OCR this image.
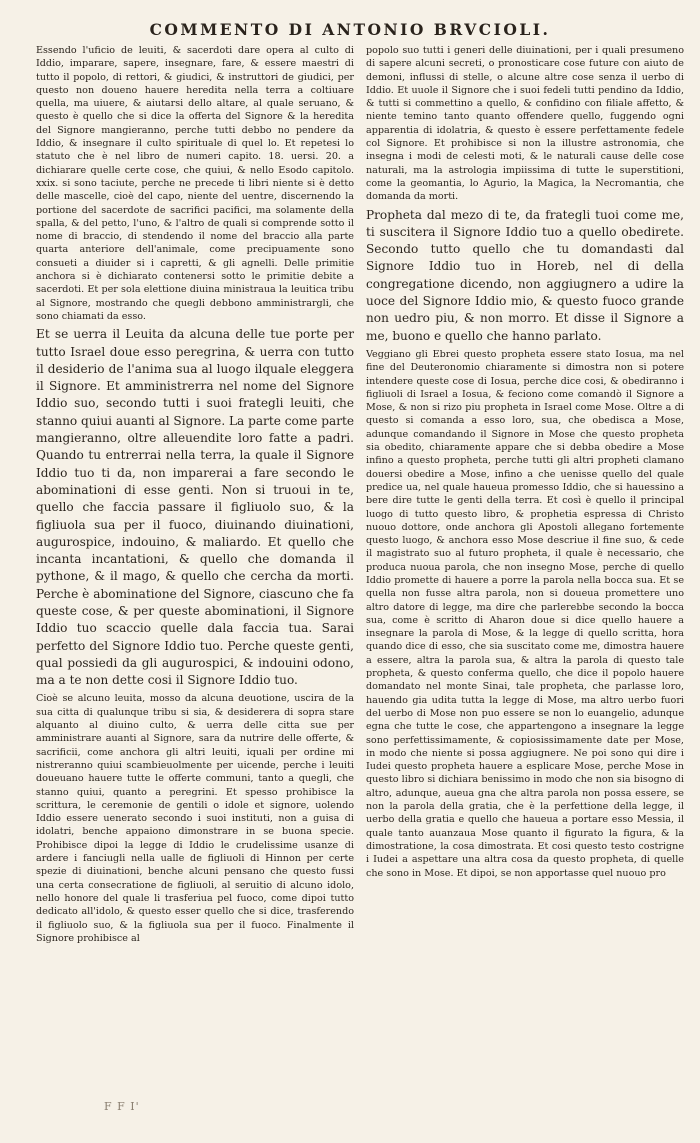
COMMENTO DI ANTONIO BRVCIOLI.

Essendo l'uficio de leuiti, & sacerdoti dare opera al culto di Iddio, imparare, sapere, insegnare, fare, & essere maestri di tutto il popolo, di rettori, & giudici, & instruttori de giudici, per questo non doueno hauere heredita nella terra a coltiuare quella, ma uiuere, & aiutarsi dello altare, al quale seruano, & questo è quello che si dice la offerta del Signore & la heredita del Signore mangieranno, perche tutti debbo no pendere da Iddio, & insegnare il culto spirituale di quel lo. Et repetesi lo statuto che è nel libro de numeri capito. 18. uersi. 20. a dichiarare quelle certe cose, che quiui, & nello Esodo capitolo. xxix. si sono taciute, perche ne precede ti libri niente si è detto delle mascelle, cioè del capo, niente del uentre, discernendo la portione del sacerdote de sacrifici pacifici, ma solamente della spalla, & del petto, l'uno, & l'altro de quali si comprende sotto il nome di braccio, di stendendo il nome del braccio alla parte quarta anteriore dell'animale, come precipuamente sono consueti a diuider si i capretti, & gli agnelli. Delle primitie anchora si è dichiarato contenersi sotto le primitie debite a sacerdoti. Et per sola elettione diuina ministraua la leuitica tribu al Signore, mostrando che quegli debbono amministrargli, che sono chiamati da esso.

Et se uerra il Leuita da alcuna delle tue porte per tutto Israel doue esso peregrina, & uerra con tutto il desiderio de l'anima sua al luogo ilquale eleggera il Signore. Et amministrerra nel nome del Signore Iddio suo, secondo tutti i suoi frategli leuiti, che stanno quiui auanti al Signore. La parte come parte mangieranno, oltre alleuendite loro fatte a padri. Quando tu entrerrai nella terra, la quale il Signore Iddio tuo ti da, non imparerai a fare secondo le abominationi di esse genti. Non si truoui in te, quello che faccia passare il figliuolo suo, & la figliuola sua per il fuoco, diuinando diuinationi, augurospice, indouino, & maliardo. Et quello che incanta incantationi, & quello che domanda il pythone, & il mago, & quello che cercha da morti. Perche è abominatione del Signore, ciascuno che fa queste cose, & per queste abominationi, il Signore Iddio tuo scaccio quelle dala faccia tua. Sarai perfetto del Signore Iddio tuo. Perche queste genti, qual possiedi da gli augurospici, & indouini odono, ma a te non dette cosi il Signore Iddio tuo.

Cioè se alcuno leuita, mosso da alcuna deuotione, uscira de la sua citta di qualunque tribu si sia, & desiderera di sopra stare alquanto al diuino culto, & uerra delle citta sue per amministrare auanti al Signore, sara da nutrire delle offerte, & sacrificii, come anchora gli altri leuiti, iquali per ordine mi nistreranno quiui scambieuolmente per uicende, perche i leuiti doueuano hauere tutte le offerte communi, tanto a quegli, che stanno quiui, quanto a peregrini. Et spesso prohibisce la scrittura, le ceremonie de gentili o idole et signore, uolendo Iddio essere uenerato secondo i suoi instituti, non a guisa di idolatri, benche appaiono dimonstrare in se buona specie. Prohibisce dipoi la legge di Iddio le crudelissime usanze di ardere i fanciugli nella ualle de figliuoli di Hinnon per certe spezie di diuinationi, benche alcuni pensano che questo fussi una certa consecratione de figliuoli, al seruitio di alcuno idolo, nello honore del quale li trasferiua pel fuoco, come dipoi tutto dedicato all'idolo, & questo esser quello che si dice, trasferendo il figliuolo suo, & la figliuola sua per il fuoco. Finalmente il Signore prohibisce al

popolo suo tutti i generi delle diuinationi, per i quali presumeno di sapere alcuni secreti, o pronosticare cose future con aiuto de demoni, influssi di stelle, o alcune altre cose senza il uerbo di Iddio. Et uuole il Signore che i suoi fedeli tutti pendino da Iddio, & tutti si commettino a quello, & confidino con filiale affetto, & niente temino tanto quanto offendere quello, fuggendo ogni apparentia di idolatria, & questo è essere perfettamente fedele col Signore. Et prohibisce si non la illustre astronomia, che insegna i modi de celesti moti, & le naturali cause delle cose naturali, ma la astrologia impiissima di tutte le superstitioni, come la geomantia, lo Agurio, la Magica, la Necromantia, che domanda da morti.

Propheta dal mezo di te, da frategli tuoi come me, ti suscitera il Signore Iddio tuo a quello obedirete. Secondo tutto quello che tu domandasti dal Signore Iddio tuo in Horeb, nel di della congregatione dicendo, non aggiugnero a udire la uoce del Signore Iddio mio, & questo fuoco grande non uedro piu, & non morro. Et disse il Signore a me, buono e quello che hanno parlato.

Veggiano gli Ebrei questo propheta essere stato Iosua, ma nel fine del Deuteronomio chiaramente si dimostra non si potere intendere queste cose di Iosua, perche dice cosi, & obediranno i figliuoli di Israel a Iosua, & feciono come comandò il Signore a Mose, & non si rizo piu propheta in Israel come Mose. Oltre a di questo si comanda a esso loro, sua, che obedisca a Mose, adunque comandando il Signore in Mose che questo propheta sia obedito, chiaramente appare che si debba obedire a Mose infino a questo propheta, perche tutti gli altri propheti clamano douersi obedire a Mose, infino a che uenisse quello del quale predice ua, nel quale haueua promesso Iddio, che si hauessino a bere dire tutte le genti della terra. Et così è quello il principal luogo di tutto questo libro, & prophetia espressa di Christo nuouo dottore, onde anchora gli Apostoli allegano fortemente questo luogo, & anchora esso Mose descriue il fine suo, & cede il magistrato suo al futuro propheta, il quale è necessario, che produca nuoua parola, che non insegno Mose, perche di quello Iddio promette di hauere a porre la parola nella bocca sua. Et se quella non fusse altra parola, non si doueua promettere uno altro datore di legge, ma dire che parlerebbe secondo la bocca sua, come è scritto di Aharon doue si dice quello hauere a insegnare la parola di Mose, & la legge di quello scritta, hora quando dice di esso, che sia suscitato come me, dimostra hauere a essere, altra la parola sua, & altra la parola di questo tale propheta, & questo conferma quello, che dice il popolo hauere domandato nel monte Sinai, tale propheta, che parlasse loro, hauendo gia udita tutta la legge di Mose, ma altro uerbo fuori del uerbo di Mose non puo essere se non lo euangelio, adunque egna che tutte le cose, che appartengono a insegnare la legge sono perfettissimamente, & copiosissimamente date per Mose, in modo che niente si possa aggiugnere. Ne poi sono qui dire i Iudei questo propheta hauere a esplicare Mose, perche Mose in questo libro si dichiara benissimo in modo che non sia bisogno di altro, adunque, aueua gna che altra parola non possa essere, se non la parola della gratia, che è la perfettione della legge, il uerbo della gratia e quello che haueua a portare esso Messia, il quale tanto auanzaua Mose quanto il figurato la figura, & la dimostratione, la cosa dimostrata. Et cosi questo testo costrigne i Iudei a aspettare una altra cosa da questo propheta, di quelle che sono in Mose. Et dipoi, se non apportasse quel nuouo pro

F F I'
